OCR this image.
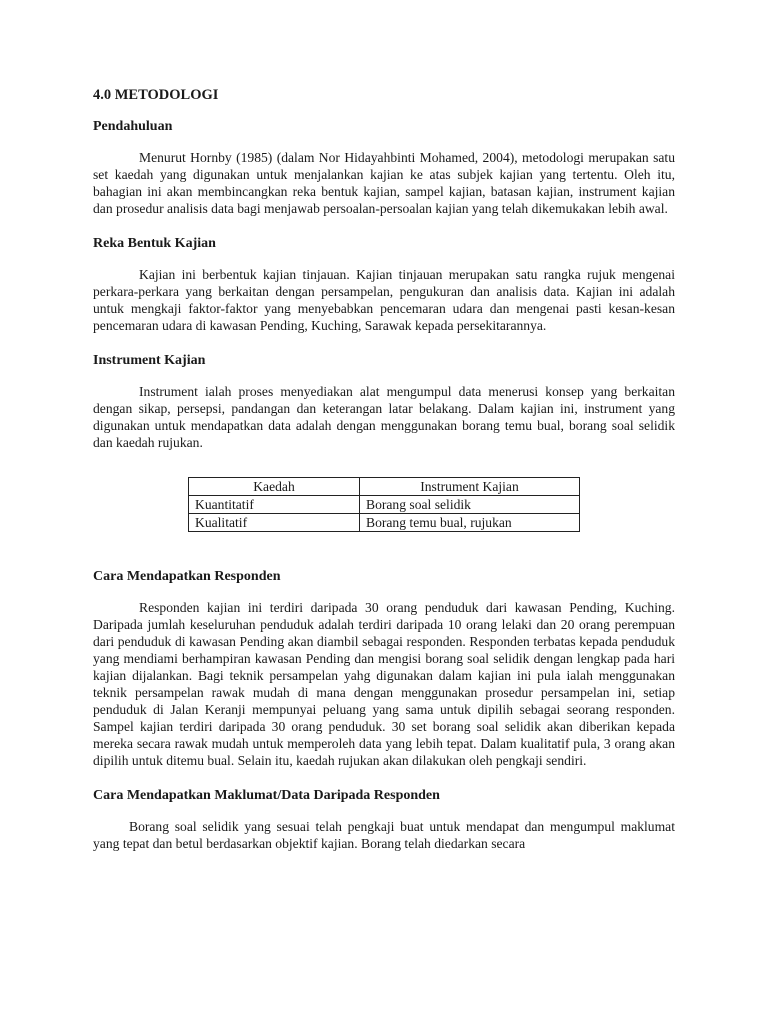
4.0 METODOLOGI
Pendahuluan

Menurut Hornby (1985) (dalam Nor Hidayahbinti Mohamed, 2004), metodologi merupakan satu set kaedah yang digunakan untuk menjalankan kajian ke atas subjek kajian yang tertentu. Oleh itu, bahagian ini akan membincangkan reka bentuk kajian, sampel kajian, batasan kajian, instrument kajian dan prosedur analisis data bagi menjawab persoalan-persoalan kajian yang telah dikemukakan lebih awal.

Reka Bentuk Kajian

Kajian ini berbentuk kajian tinjauan. Kajian tinjauan merupakan satu rangka rujuk mengenai perkara-perkara yang berkaitan dengan persampelan, pengukuran dan analisis data. Kajian ini adalah untuk mengkaji faktor-faktor yang menyebabkan pencemaran udara dan mengenai pasti kesan-kesan pencemaran udara di kawasan Pending, Kuching, Sarawak kepada persekitarannya.

Instrument Kajian

Instrument ialah proses menyediakan alat mengumpul data menerusi konsep yang berkaitan dengan sikap, persepsi, pandangan dan keterangan latar belakang. Dalam kajian ini, instrument yang digunakan untuk mendapatkan data adalah dengan menggunakan borang temu bual, borang soal selidik dan kaedah rujukan.

Kaedah	Instrument Kajian
Kuantitatif	Borang soal selidik
Kualitatif	Borang temu bual, rujukan
Cara Mendapatkan Responden

Responden kajian ini terdiri daripada 30 orang penduduk dari kawasan Pending, Kuching. Daripada jumlah keseluruhan penduduk adalah terdiri daripada 10 orang lelaki dan 20 orang perempuan dari penduduk di kawasan Pending akan diambil sebagai responden. Responden terbatas kepada penduduk yang mendiami berhampiran kawasan Pending dan mengisi borang soal selidik dengan lengkap pada hari kajian dijalankan. Bagi teknik persampelan yahg digunakan dalam kajian ini pula ialah menggunakan teknik persampelan rawak mudah di mana dengan menggunakan prosedur persampelan ini, setiap penduduk di Jalan Keranji mempunyai peluang yang sama untuk dipilih sebagai seorang responden. Sampel kajian terdiri daripada 30 orang penduduk. 30 set borang soal selidik akan diberikan kepada mereka secara rawak mudah untuk memperoleh data yang lebih tepat. Dalam kualitatif pula, 3 orang akan dipilih untuk ditemu bual. Selain itu, kaedah rujukan akan dilakukan oleh pengkaji sendiri.

Cara Mendapatkan Maklumat/Data Daripada Responden

Borang soal selidik yang sesuai telah pengkaji buat untuk mendapat dan mengumpul maklumat yang tepat dan betul berdasarkan objektif kajian. Borang telah diedarkan secara
